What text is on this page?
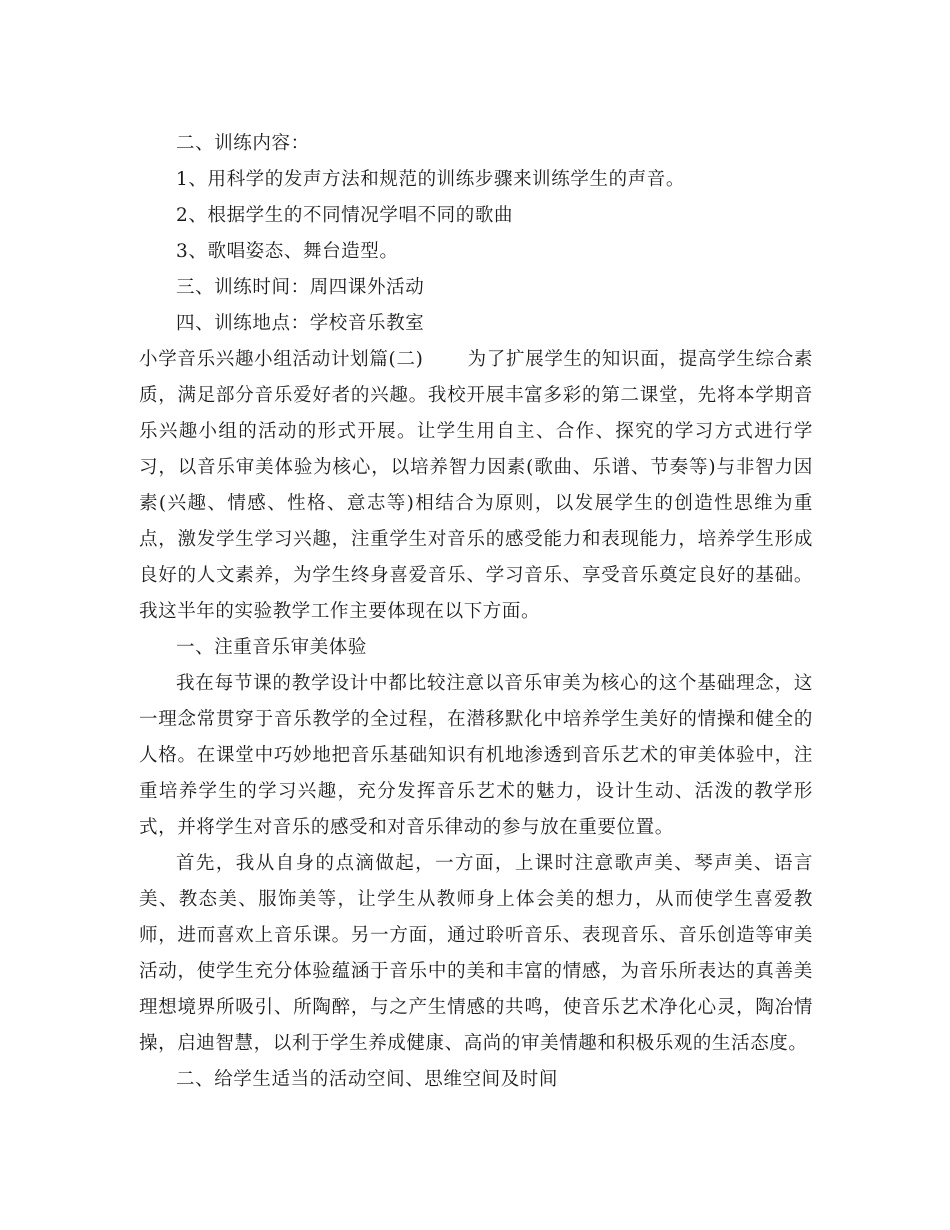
二、训练内容：
1、用科学的发声方法和规范的训练步骤来训练学生的声音。
2、根据学生的不同情况学唱不同的歌曲
3、歌唱姿态、舞台造型。
三、训练时间：周四课外活动
四、训练地点：学校音乐教室
小学音乐兴趣小组活动计划篇(二) 为了扩展学生的知识面，提高学生综合素质，满足部分音乐爱好者的兴趣。我校开展丰富多彩的第二课堂，先将本学期音乐兴趣小组的活动的形式开展。让学生用自主、合作、探究的学习方式进行学习，以音乐审美体验为核心，以培养智力因素(歌曲、乐谱、节奏等)与非智力因素(兴趣、情感、性格、意志等)相结合为原则，以发展学生的创造性思维为重点，激发学生学习兴趣，注重学生对音乐的感受能力和表现能力，培养学生形成良好的人文素养，为学生终身喜爱音乐、学习音乐、享受音乐奠定良好的基础。我这半年的实验教学工作主要体现在以下方面。
一、注重音乐审美体验
我在每节课的教学设计中都比较注意以音乐审美为核心的这个基础理念，这一理念常贯穿于音乐教学的全过程，在潜移默化中培养学生美好的情操和健全的人格。在课堂中巧妙地把音乐基础知识有机地渗透到音乐艺术的审美体验中，注重培养学生的学习兴趣，充分发挥音乐艺术的魅力，设计生动、活泼的教学形式，并将学生对音乐的感受和对音乐律动的参与放在重要位置。
首先，我从自身的点滴做起，一方面，上课时注意歌声美、琴声美、语言美、教态美、服饰美等，让学生从教师身上体会美的想力，从而使学生喜爱教师，进而喜欢上音乐课。另一方面，通过聆听音乐、表现音乐、音乐创造等审美活动，使学生充分体验蕴涵于音乐中的美和丰富的情感，为音乐所表达的真善美理想境界所吸引、所陶醉，与之产生情感的共鸣，使音乐艺术净化心灵，陶冶情操，启迪智慧，以利于学生养成健康、高尚的审美情趣和积极乐观的生活态度。
二、给学生适当的活动空间、思维空间及时间
